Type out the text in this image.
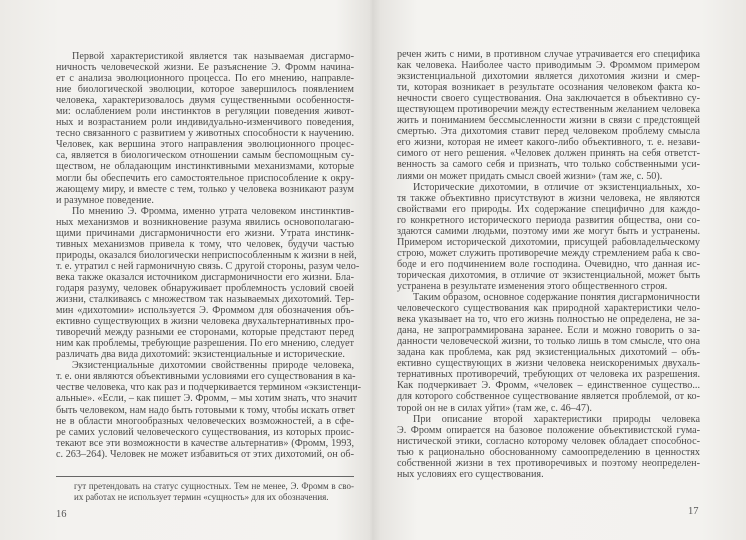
Первой характеристикой является так называемая дисгармо-
ничность человеческой жизни. Ее разъяснение Э. Фромм начина-
ет с анализа эволюционного процесса. По его мнению, направле-
ние биологической эволюции, которое завершилось появлением
человека, характеризовалось двумя существенными особенностя-
ми: ослаблением роли инстинктов в регуляции поведения живот-
ных и возрастанием роли индивидуально-изменчивого поведения,
тесно связанного с развитием у животных способности к научению.
Человек, как вершина этого направления эволюционного процес-
са, является в биологическом отношении самым беспомощным су-
ществом, не обладающим инстинктивными механизмами, которые
могли бы обеспечить его самостоятельное приспособление к окру-
жающему миру, и вместе с тем, только у человека возникают разум
и разумное поведение.
По мнению Э. Фромма, именно утрата человеком инстинктив-
ных механизмов и возникновение разума явились основополагаю-
щими причинами дисгармоничности его жизни. Утрата инстинк-
тивных механизмов привела к тому, что человек, будучи частью
природы, оказался биологически неприспособленным к жизни в ней,
т. е. утратил с ней гармоничную связь. С другой стороны, разум чело-
века также оказался источником дисгармоничности его жизни. Бла-
годаря разуму, человек обнаруживает проблемность условий своей
жизни, сталкиваясь с множеством так называемых дихотомий. Тер-
мин «дихотомии» используется Э. Фроммом для обозначения объ-
ективно существующих в жизни человека двухальтернативных про-
тиворечий между разными ее сторонами, которые предстают перед
ним как проблемы, требующие разрешения. По его мнению, следует
различать два вида дихотомий: экзистенциальные и исторические.
Экзистенциальные дихотомии свойственны природе человека,
т. е. они являются объективными условиями его существования в ка-
честве человека, что как раз и подчеркивается термином «экзистенци-
альные». «Если, – как пишет Э. Фромм, – мы хотим знать, что значит
быть человеком, нам надо быть готовыми к тому, чтобы искать ответ
не в области многообразных человеческих возможностей, а в сфе-
ре самих условий человеческого существования, из которых проис-
текают все эти возможности в качестве альтернатив» (Фромм, 1993,
с. 263–264). Человек не может избавиться от этих дихотомий, он об-
гут претендовать на статус сущностных. Тем не менее, Э. Фромм в сво-
их работах не использует термин «сущность» для их обозначения.
16
речен жить с ними, в противном случае утрачивается его специфика
как человека. Наиболее часто приводимым Э. Фроммом примером
экзистенциальной дихотомии является дихотомия жизни и смер-
ти, которая возникает в результате осознания человеком факта ко-
нечности своего существования. Она заключается в объективно су-
ществующем противоречии между естественным желанием человека
жить и пониманием бессмысленности жизни в связи с предстоящей
смертью. Эта дихотомия ставит перед человеком проблему смысла
его жизни, которая не имеет какого-либо объективного, т. е. незави-
симого от него решения. «Человек должен принять на себя ответст-
венность за самого себя и признать, что только собственными уси-
лиями он может придать смысл своей жизни» (там же, с. 50).
Исторические дихотомии, в отличие от экзистенциальных, хо-
тя также объективно присутствуют в жизни человека, не являются
свойствами его природы. Их содержание специфично для каждо-
го конкретного исторического периода развития общества, они со-
здаются самими людьми, поэтому ими же могут быть и устранены.
Примером исторической дихотомии, присущей рабовладельческому
строю, может служить противоречие между стремлением раба к сво-
боде и его подчинением воле господина. Очевидно, что данная ис-
торическая дихотомия, в отличие от экзистенциальной, может быть
устранена в результате изменения этого общественного строя.
Таким образом, основное содержание понятия дисгармоничности
человеческого существования как природной характеристики чело-
века указывает на то, что его жизнь полностью не определена, не за-
дана, не запрограммирована заранее. Если и можно говорить о за-
данности человеческой жизни, то только лишь в том смысле, что она
задана как проблема, как ряд экзистенциальных дихотомий – объ-
ективно существующих в жизни человека неискоренимых двухаль-
тернативных противоречий, требующих от человека их разрешения.
Как подчеркивает Э. Фромм, «человек – единственное существо...
для которого собственное существование является проблемой, от ко-
торой он не в силах уйти» (там же, с. 46–47).
При описание второй характеристики природы человека
Э. Фромм опирается на базовое положение объективистской гума-
нистической этики, согласно которому человек обладает способнос-
тью к рационально обоснованному самоопределению в ценностях
собственной жизни в тех противоречивых и поэтому неопределен-
ных условиях его существования.
17
